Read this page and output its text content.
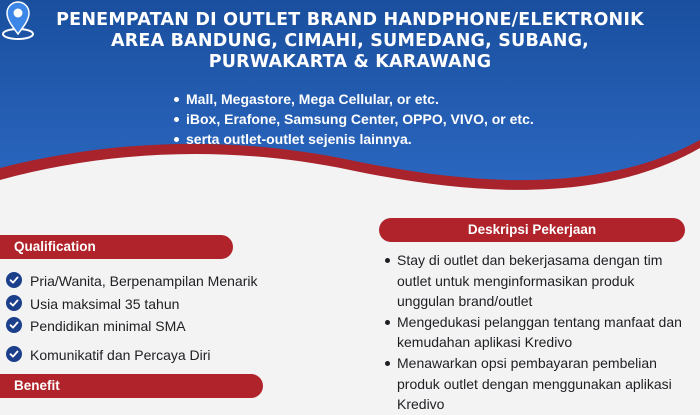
PENEMPATAN DI OUTLET BRAND HANDPHONE/ELEKTRONIK
AREA BANDUNG, CIMAHI, SUMEDANG, SUBANG,
PURWAKARTA & KARAWANG
Mall, Megastore, Mega Cellular, or etc.
iBox, Erafone, Samsung Center, OPPO, VIVO, or etc.
serta outlet-outlet sejenis lainnya.
Qualification
Pria/Wanita, Berpenampilan Menarik
Usia maksimal 35 tahun
Pendidikan minimal SMA
Komunikatif dan Percaya Diri
Benefit
Deskripsi Pekerjaan
Stay di outlet dan bekerjasama dengan tim outlet untuk menginformasikan produk unggulan brand/outlet
Mengedukasi pelanggan tentang manfaat dan kemudahan aplikasi Kredivo
Menawarkan opsi pembayaran pembelian produk outlet dengan menggunakan aplikasi Kredivo
